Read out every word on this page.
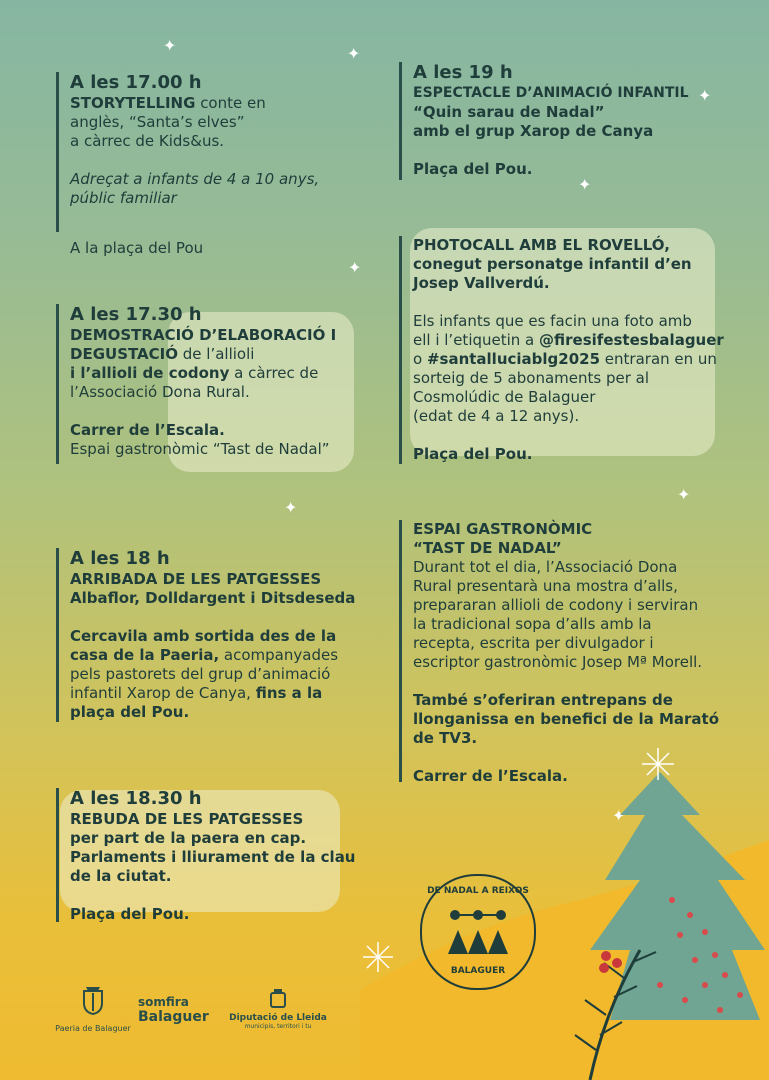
✦	✦
✦
✦
✦
✦
✦
✦

A les 17.00 h

STORYTELLING conte en

anglès, “Santa’s elves”

a càrrec de Kids&us.

Adreçat a infants de 4 a 10 anys,

públic familiar

A la plaça del Pou

A les 17.30 h

DEMOSTRACIÓ D’ELABORACIÓ I

DEGUSTACIÓ de l’allioli

i l’allioli de codony a càrrec de

l’Associació Dona Rural.

Carrer de l’Escala.

Espai gastronòmic “Tast de Nadal”

A les 18 h

ARRIBADA DE LES PATGESSES

Albaflor, Dolldargent i Ditsdeseda

Cercavila amb sortida des de la

casa de la Paeria, acompanyades

pels pastorets del grup d’animació

infantil Xarop de Canya, fins a la

plaça del Pou.

A les 18.30 h

REBUDA DE LES PATGESSES

per part de la paera en cap.

Parlaments i lliurament de la clau

de la ciutat.

Plaça del Pou.

A les 19 h

ESPECTACLE D’ANIMACIÓ INFANTIL

“Quin sarau de Nadal”

amb el grup Xarop de Canya

Plaça del Pou.

PHOTOCALL AMB EL ROVELLÓ,

conegut personatge infantil d’en

Josep Vallverdú.

Els infants que es facin una foto amb

ell i l’etiquetin a @firesifestesbalaguer

o #santalluciablg2025 entraran en un

sorteig de 5 abonaments per al

Cosmolúdic de Balaguer

(edat de 4 a 12 anys).

Plaça del Pou.

ESPAI GASTRONÒMIC

“TAST DE NADAL”

Durant tot el dia, l’Associació Dona

Rural presentarà una mostra d’alls,

prepararan allioli de codony i serviran

la tradicional sopa d’alls amb la

recepta, escrita per divulgador i

escriptor gastronòmic Josep Mª Morell.

També s’oferiran entrepans de

llonganissa en benefici de la Marató

de TV3.

Carrer de l’Escala.

DE NADAL A REIXOS
BALAGUER
Paeria de Balaguer
somfira
Balaguer	Diputació de Lleida
municipis, territori i tu
